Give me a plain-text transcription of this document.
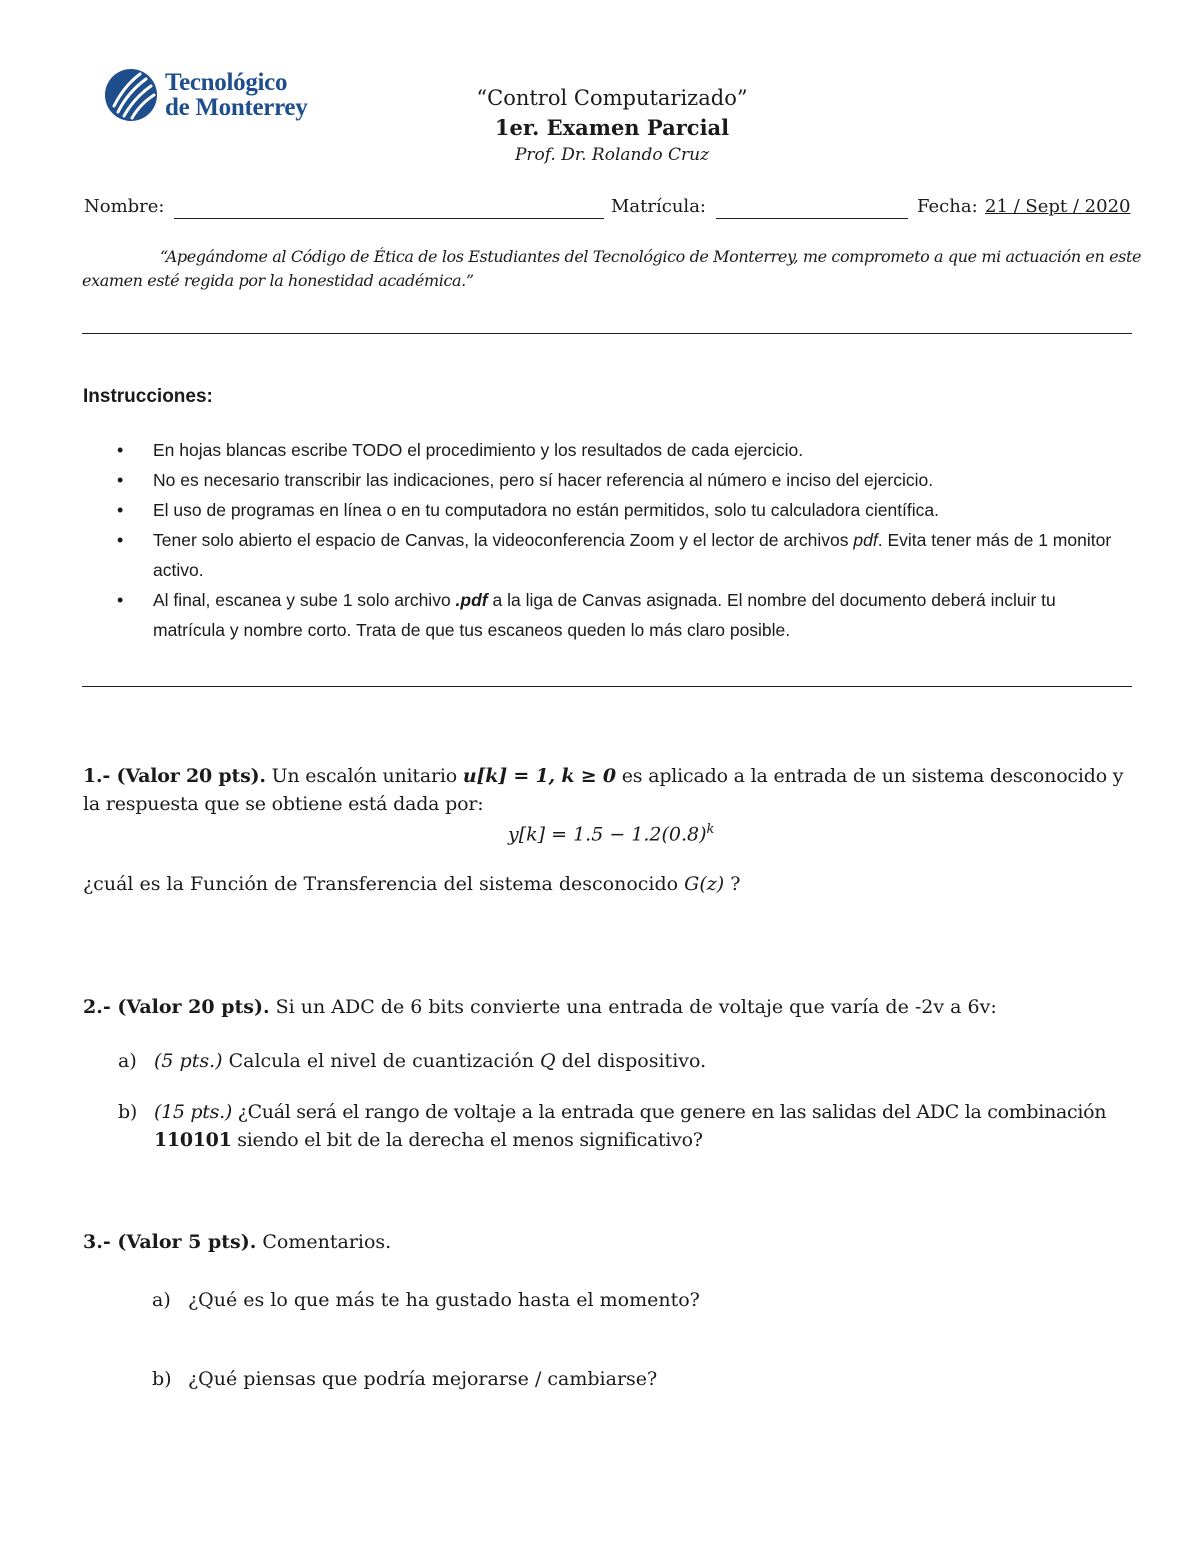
Tecnológico
de Monterrey	“Control Computarizado”
1er. Examen Parcial
Prof. Dr. Rolando Cruz
Nombre:	Matrícula:	Fecha: 21 / Sept / 2020
“Apegándome al Código de Ética de los Estudiantes del Tecnológico de Monterrey, me comprometo a que mi actuación en este examen esté regida por la honestidad académica.”
Instrucciones:
• En hojas blancas escribe TODO el procedimiento y los resultados de cada ejercicio.
• No es necesario transcribir las indicaciones, pero sí hacer referencia al número e inciso del ejercicio.
• El uso de programas en línea o en tu computadora no están permitidos, solo tu calculadora científica.
• Tener solo abierto el espacio de Canvas, la videoconferencia Zoom y el lector de archivos pdf. Evita tener más de 1 monitor activo.
• Al final, escanea y sube 1 solo archivo .pdf a la liga de Canvas asignada. El nombre del documento deberá incluir tu matrícula y nombre corto. Trata de que tus escaneos queden lo más claro posible.
1.- (Valor 20 pts). Un escalón unitario u[k] = 1, k ≥ 0 es aplicado a la entrada de un sistema desconocido y la respuesta que se obtiene está dada por:
$y[k] = 1.5 - 1.2(0.8)^k$
¿cuál es la Función de Transferencia del sistema desconocido G(z) ?
2.- (Valor 20 pts). Si un ADC de 6 bits convierte una entrada de voltaje que varía de -2v a 6v:
a) (5 pts.) Calcula el nivel de cuantización Q del dispositivo.
b) (15 pts.) ¿Cuál será el rango de voltaje a la entrada que genere en las salidas del ADC la combinación 110101 siendo el bit de la derecha el menos significativo?
3.- (Valor 5 pts). Comentarios.
a) ¿Qué es lo que más te ha gustado hasta el momento?
b) ¿Qué piensas que podría mejorarse / cambiarse?
